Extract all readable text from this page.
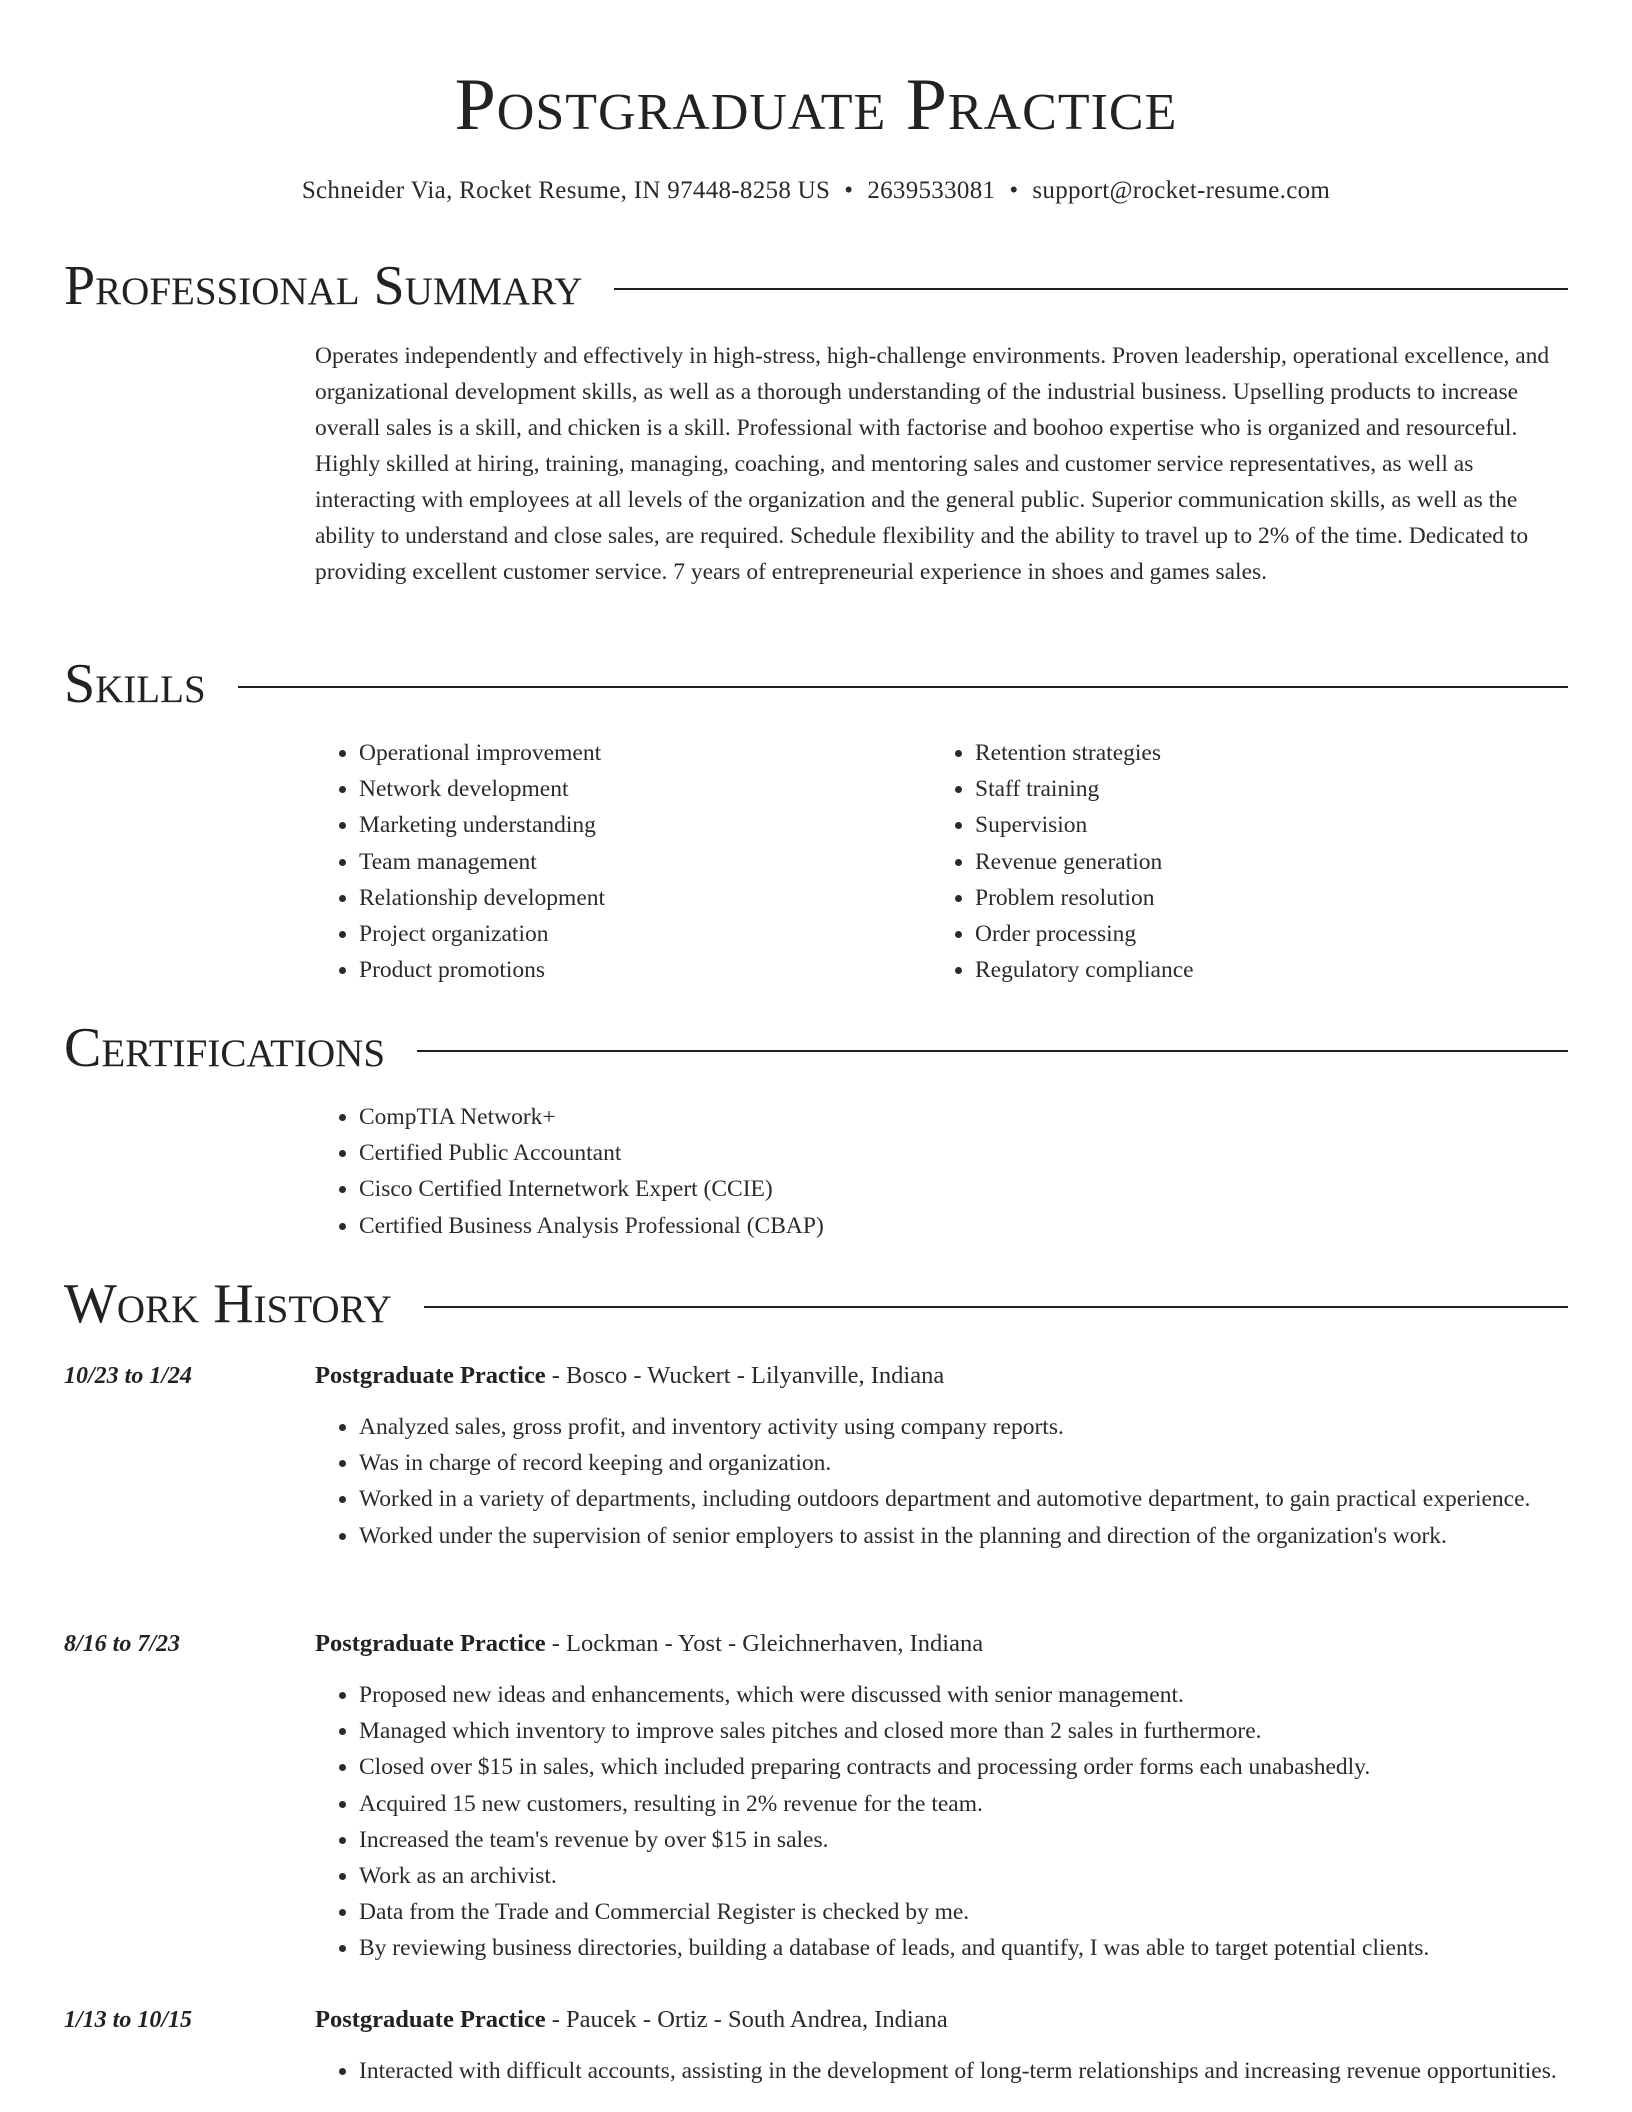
Postgraduate Practice
Schneider Via, Rocket Resume, IN 97448-8258 US • 2639533081 • support@rocket-resume.com
Professional Summary

Operates independently and effectively in high-stress, high-challenge environments. Proven leadership, operational excellence, and organizational development skills, as well as a thorough understanding of the industrial business. Upselling products to increase overall sales is a skill, and chicken is a skill. Professional with factorise and boohoo expertise who is organized and resourceful. Highly skilled at hiring, training, managing, coaching, and mentoring sales and customer service representatives, as well as interacting with employees at all levels of the organization and the general public. Superior communication skills, as well as the ability to understand and close sales, are required. Schedule flexibility and the ability to travel up to 2% of the time. Dedicated to providing excellent customer service. 7 years of entrepreneurial experience in shoes and games sales.

Skills
• Operational improvement
• Network development
• Marketing understanding
• Team management
• Relationship development
• Project organization
• Product promotions
• Retention strategies
• Staff training
• Supervision
• Revenue generation
• Problem resolution
• Order processing
• Regulatory compliance
Certifications
• CompTIA Network+
• Certified Public Accountant
• Cisco Certified Internetwork Expert (CCIE)
• Certified Business Analysis Professional (CBAP)
Work History
10/23 to 1/24	Postgraduate Practice - Bosco - Wuckert - Lilyanville, Indiana
• Analyzed sales, gross profit, and inventory activity using company reports.
• Was in charge of record keeping and organization.
• Worked in a variety of departments, including outdoors department and automotive department, to gain practical experience.
• Worked under the supervision of senior employers to assist in the planning and direction of the organization's work.
8/16 to 7/23	Postgraduate Practice - Lockman - Yost - Gleichnerhaven, Indiana
• Proposed new ideas and enhancements, which were discussed with senior management.
• Managed which inventory to improve sales pitches and closed more than 2 sales in furthermore.
• Closed over $15 in sales, which included preparing contracts and processing order forms each unabashedly.
• Acquired 15 new customers, resulting in 2% revenue for the team.
• Increased the team's revenue by over $15 in sales.
• Work as an archivist.
• Data from the Trade and Commercial Register is checked by me.
• By reviewing business directories, building a database of leads, and quantify, I was able to target potential clients.
1/13 to 10/15	Postgraduate Practice - Paucek - Ortiz - South Andrea, Indiana
• Interacted with difficult accounts, assisting in the development of long-term relationships and increasing revenue opportunities.
